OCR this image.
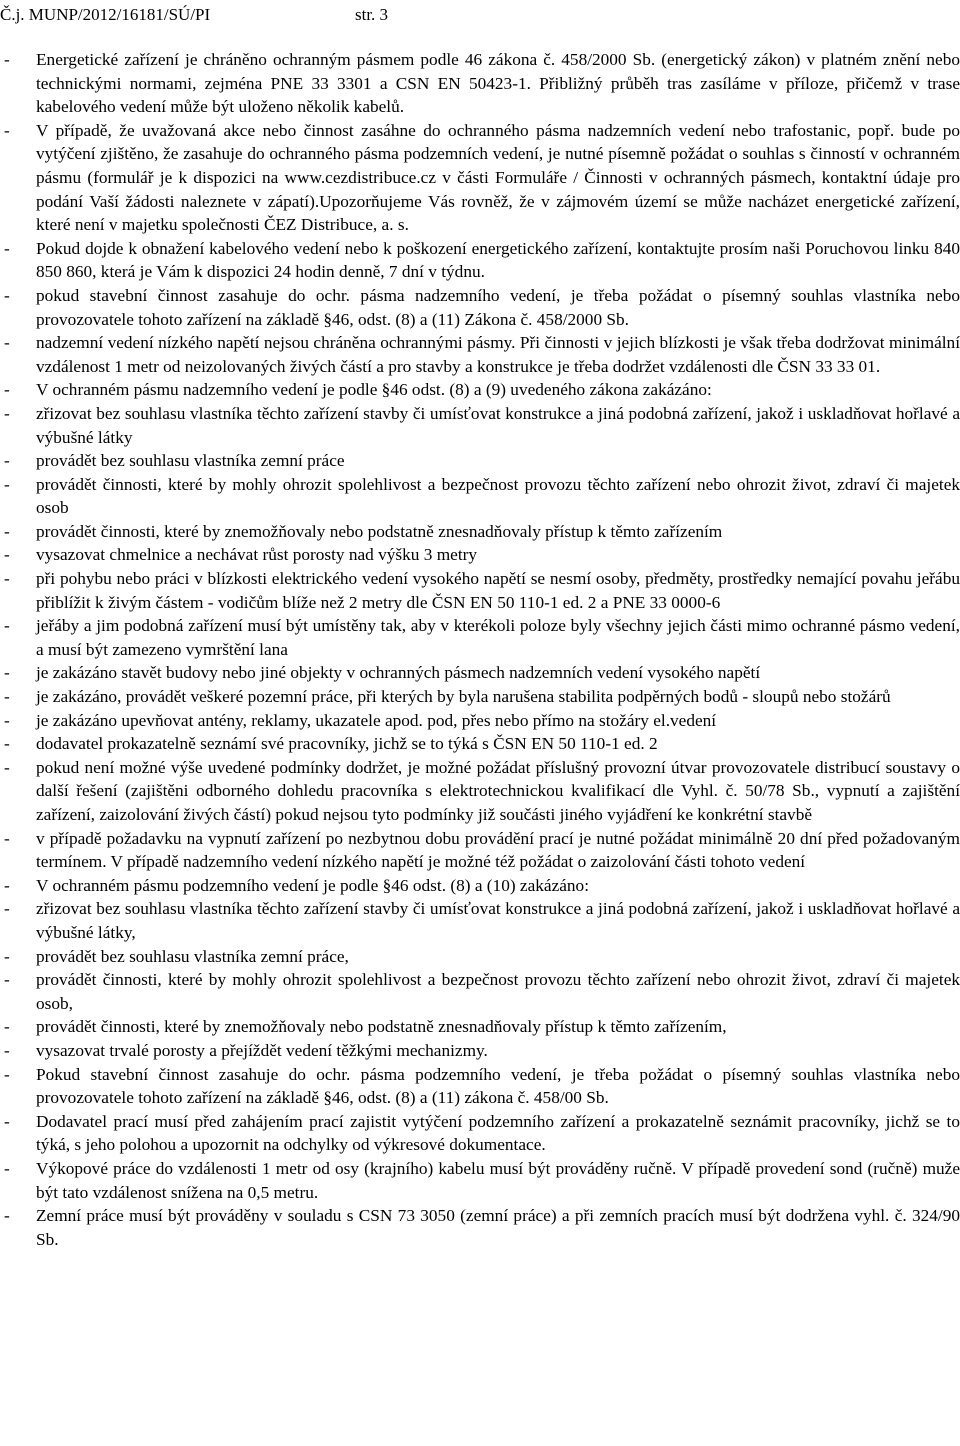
Č.j. MUNP/2012/16181/SÚ/PI	str. 3
- Energetické zařízení je chráněno ochranným pásmem podle 46 zákona č. 458/2000 Sb. (energetický zákon) v platném znění nebo technickými normami, zejména PNE 33 3301 a CSN EN 50423-1. Přibližný průběh tras zasíláme v příloze, přičemž v trase kabelového vedení může být uloženo několik kabelů.
- V případě, že uvažovaná akce nebo činnost zasáhne do ochranného pásma nadzemních vedení nebo trafostanic, popř. bude po vytýčení zjištěno, že zasahuje do ochranného pásma podzemních vedení, je nutné písemně požádat o souhlas s činností v ochranném pásmu (formulář je k dispozici na www.cezdistribuce.cz v části Formuláře / Činnosti v ochranných pásmech, kontaktní údaje pro podání Vaší žádosti naleznete v zápatí).Upozorňujeme Vás rovněž, že v zájmovém území se může nacházet energetické zařízení, které není v majetku společnosti ČEZ Distribuce, a. s.
- Pokud dojde k obnažení kabelového vedení nebo k poškození energetického zařízení, kontaktujte prosím naši Poruchovou linku 840 850 860, která je Vám k dispozici 24 hodin denně, 7 dní v týdnu.
- pokud stavební činnost zasahuje do ochr. pásma nadzemního vedení, je třeba požádat o písemný souhlas vlastníka nebo provozovatele tohoto zařízení na základě §46, odst. (8) a (11) Zákona č. 458/2000 Sb.
- nadzemní vedení nízkého napětí nejsou chráněna ochrannými pásmy. Při činnosti v jejich blízkosti je však třeba dodržovat minimální vzdálenost 1 metr od neizolovaných živých částí a pro stavby a konstrukce je třeba dodržet vzdálenosti dle ČSN 33 33 01.
- V ochranném pásmu nadzemního vedení je podle §46 odst. (8) a (9) uvedeného zákona zakázáno:
- zřizovat bez souhlasu vlastníka těchto zařízení stavby či umísťovat konstrukce a jiná podobná zařízení, jakož i uskladňovat hořlavé a výbušné látky
- provádět bez souhlasu vlastníka zemní práce
- provádět činnosti, které by mohly ohrozit spolehlivost a bezpečnost provozu těchto zařízení nebo ohrozit život, zdraví či majetek osob
- provádět činnosti, které by znemožňovaly nebo podstatně znesnadňovaly přístup k těmto zařízením
- vysazovat chmelnice a nechávat růst porosty nad výšku 3 metry
- při pohybu nebo práci v blízkosti elektrického vedení vysokého napětí se nesmí osoby, předměty, prostředky nemající povahu jeřábu přiblížit k živým částem - vodičům blíže než 2 metry dle ČSN EN 50 110-1 ed. 2 a PNE 33 0000-6
- jeřáby a jim podobná zařízení musí být umístěny tak, aby v kterékoli poloze byly všechny jejich části mimo ochranné pásmo vedení, a musí být zamezeno vymrštění lana
- je zakázáno stavět budovy nebo jiné objekty v ochranných pásmech nadzemních vedení vysokého napětí
- je zakázáno, provádět veškeré pozemní práce, při kterých by byla narušena stabilita podpěrných bodů - sloupů nebo stožárů
- je zakázáno upevňovat antény, reklamy, ukazatele apod. pod, přes nebo přímo na stožáry el.vedení
- dodavatel prokazatelně seznámí své pracovníky, jichž se to týká s ČSN EN 50 110-1 ed. 2
- pokud není možné výše uvedené podmínky dodržet, je možné požádat příslušný provozní útvar provozovatele distribucí soustavy o další řešení (zajištěni odborného dohledu pracovníka s elektrotechnickou kvalifikací dle Vyhl. č. 50/78 Sb., vypnutí a zajištění zařízení, zaizolování živých částí) pokud nejsou tyto podmínky již součásti jiného vyjádření ke konkrétní stavbě
- v případě požadavku na vypnutí zařízení po nezbytnou dobu provádění prací je nutné požádat minimálně 20 dní před požadovaným termínem. V případě nadzemního vedení nízkého napětí je možné též požádat o zaizolování části tohoto vedení
- V ochranném pásmu podzemního vedení je podle §46 odst. (8) a (10) zakázáno:
- zřizovat bez souhlasu vlastníka těchto zařízení stavby či umísťovat konstrukce a jiná podobná zařízení, jakož i uskladňovat hořlavé a výbušné látky,
- provádět bez souhlasu vlastníka zemní práce,
- provádět činnosti, které by mohly ohrozit spolehlivost a bezpečnost provozu těchto zařízení nebo ohrozit život, zdraví či majetek osob,
- provádět činnosti, které by znemožňovaly nebo podstatně znesnadňovaly přístup k těmto zařízením,
- vysazovat trvalé porosty a přejíždět vedení těžkými mechanizmy.
- Pokud stavební činnost zasahuje do ochr. pásma podzemního vedení, je třeba požádat o písemný souhlas vlastníka nebo provozovatele tohoto zařízení na základě §46, odst. (8) a (11) zákona č. 458/00 Sb.
- Dodavatel prací musí před zahájením prací zajistit vytýčení podzemního zařízení a prokazatelně seznámit pracovníky, jichž se to týká, s jeho polohou a upozornit na odchylky od výkresové dokumentace.
- Výkopové práce do vzdálenosti 1 metr od osy (krajního) kabelu musí být prováděny ručně. V případě provedení sond (ručně) muže být tato vzdálenost snížena na 0,5 metru.
- Zemní práce musí být prováděny v souladu s CSN 73 3050 (zemní práce) a při zemních pracích musí být dodržena vyhl. č. 324/90 Sb.
